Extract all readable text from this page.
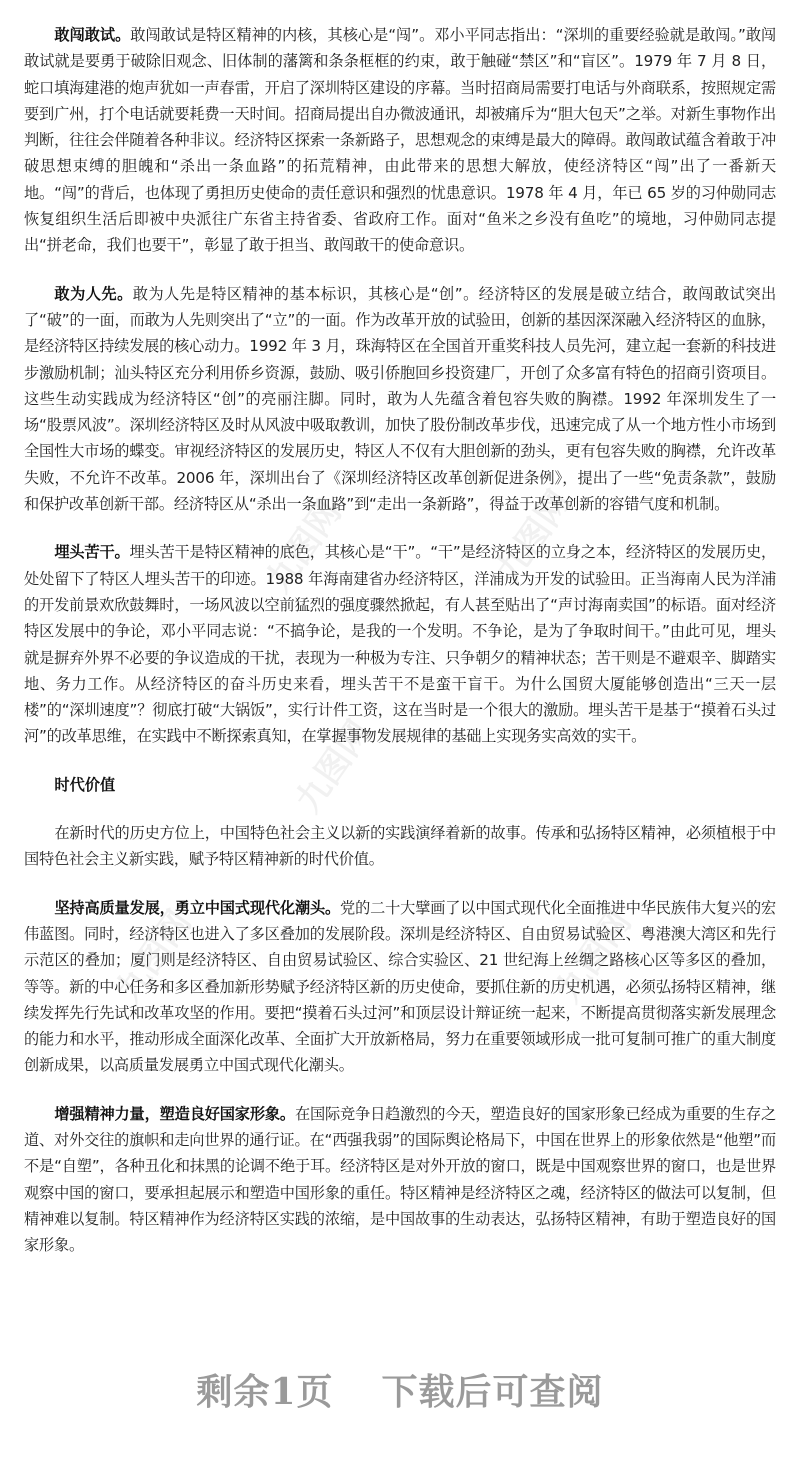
九图网	九图网
九图网
九图网	九图网

敢闯敢试。敢闯敢试是特区精神的内核，其核心是“闯”。邓小平同志指出：“深圳的重要经验就是敢闯。”敢闯敢试就是要勇于破除旧观念、旧体制的藩篱和条条框框的约束，敢于触碰“禁区”和“盲区”。1979 年 7 月 8 日，蛇口填海建港的炮声犹如一声春雷，开启了深圳特区建设的序幕。当时招商局需要打电话与外商联系，按照规定需要到广州，打个电话就要耗费一天时间。招商局提出自办微波通讯，却被痛斥为“胆大包天”之举。对新生事物作出判断，往往会伴随着各种非议。经济特区探索一条新路子，思想观念的束缚是最大的障碍。敢闯敢试蕴含着敢于冲破思想束缚的胆魄和“杀出一条血路”的拓荒精神，由此带来的思想大解放，使经济特区“闯”出了一番新天地。“闯”的背后，也体现了勇担历史使命的责任意识和强烈的忧患意识。1978 年 4 月，年已 65 岁的习仲勋同志恢复组织生活后即被中央派往广东省主持省委、省政府工作。面对“鱼米之乡没有鱼吃”的境地，习仲勋同志提出“拼老命，我们也要干”，彰显了敢于担当、敢闯敢干的使命意识。

敢为人先。敢为人先是特区精神的基本标识，其核心是“创”。经济特区的发展是破立结合，敢闯敢试突出了“破”的一面，而敢为人先则突出了“立”的一面。作为改革开放的试验田，创新的基因深深融入经济特区的血脉，是经济特区持续发展的核心动力。1992 年 3 月，珠海特区在全国首开重奖科技人员先河，建立起一套新的科技进步激励机制；汕头特区充分利用侨乡资源，鼓励、吸引侨胞回乡投资建厂，开创了众多富有特色的招商引资项目。这些生动实践成为经济特区“创”的亮丽注脚。同时，敢为人先蕴含着包容失败的胸襟。1992 年深圳发生了一场“股票风波”。深圳经济特区及时从风波中吸取教训，加快了股份制改革步伐，迅速完成了从一个地方性小市场到全国性大市场的蝶变。审视经济特区的发展历史，特区人不仅有大胆创新的劲头，更有包容失败的胸襟，允许改革失败，不允许不改革。2006 年，深圳出台了《深圳经济特区改革创新促进条例》，提出了一些“免责条款”，鼓励和保护改革创新干部。经济特区从“杀出一条血路”到“走出一条新路”，得益于改革创新的容错气度和机制。

埋头苦干。埋头苦干是特区精神的底色，其核心是“干”。“干”是经济特区的立身之本，经济特区的发展历史，处处留下了特区人埋头苦干的印迹。1988 年海南建省办经济特区，洋浦成为开发的试验田。正当海南人民为洋浦的开发前景欢欣鼓舞时，一场风波以空前猛烈的强度骤然掀起，有人甚至贴出了“声讨海南卖国”的标语。面对经济特区发展中的争论，邓小平同志说：“不搞争论，是我的一个发明。不争论，是为了争取时间干。”由此可见，埋头就是摒弃外界不必要的争议造成的干扰，表现为一种极为专注、只争朝夕的精神状态；苦干则是不避艰辛、脚踏实地、务力工作。从经济特区的奋斗历史来看，埋头苦干不是蛮干盲干。为什么国贸大厦能够创造出“三天一层楼”的“深圳速度”？彻底打破“大锅饭”，实行计件工资，这在当时是一个很大的激励。埋头苦干是基于“摸着石头过河”的改革思维，在实践中不断探索真知，在掌握事物发展规律的基础上实现务实高效的实干。

时代价值

在新时代的历史方位上，中国特色社会主义以新的实践演绎着新的故事。传承和弘扬特区精神，必须植根于中国特色社会主义新实践，赋予特区精神新的时代价值。

坚持高质量发展，勇立中国式现代化潮头。党的二十大擘画了以中国式现代化全面推进中华民族伟大复兴的宏伟蓝图。同时，经济特区也进入了多区叠加的发展阶段。深圳是经济特区、自由贸易试验区、粤港澳大湾区和先行示范区的叠加；厦门则是经济特区、自由贸易试验区、综合实验区、21 世纪海上丝绸之路核心区等多区的叠加，等等。新的中心任务和多区叠加新形势赋予经济特区新的历史使命，要抓住新的历史机遇，必须弘扬特区精神，继续发挥先行先试和改革攻坚的作用。要把“摸着石头过河”和顶层设计辩证统一起来，不断提高贯彻落实新发展理念的能力和水平，推动形成全面深化改革、全面扩大开放新格局，努力在重要领域形成一批可复制可推广的重大制度创新成果，以高质量发展勇立中国式现代化潮头。

增强精神力量，塑造良好国家形象。在国际竞争日趋激烈的今天，塑造良好的国家形象已经成为重要的生存之道、对外交往的旗帜和走向世界的通行证。在“西强我弱”的国际舆论格局下，中国在世界上的形象依然是“他塑”而不是“自塑”，各种丑化和抹黑的论调不绝于耳。经济特区是对外开放的窗口，既是中国观察世界的窗口，也是世界观察中国的窗口，要承担起展示和塑造中国形象的重任。特区精神是经济特区之魂，经济特区的做法可以复制，但精神难以复制。特区精神作为经济特区实践的浓缩，是中国故事的生动表达，弘扬特区精神，有助于塑造良好的国家形象。

剩余1页 下载后可查阅
